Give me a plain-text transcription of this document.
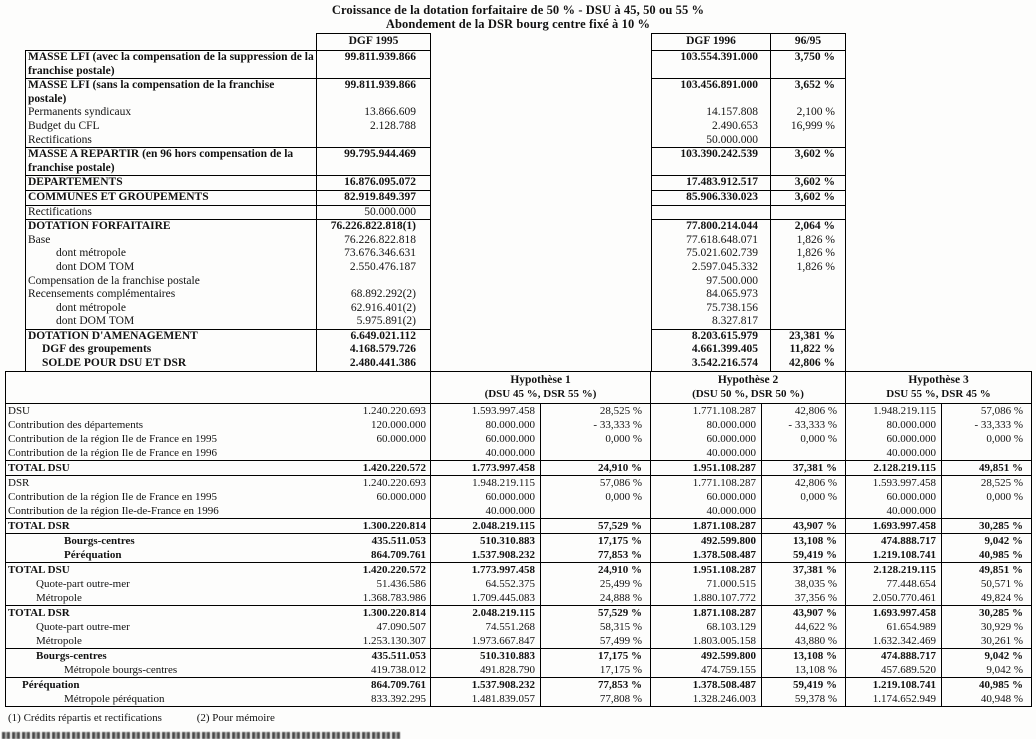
Croissance de la dotation forfaitaire de 50 % - DSU à 45, 50 ou 55 %
Abondement de la DSR bourg centre fixé à 10 %
	DGF 1995		DGF 1996	96/95
MASSE LFI (avec la compensation de la suppression de la franchise postale)	99.811.939.866		103.554.391.000	3,750 %
MASSE LFI (sans la compensation de la franchise postale)	99.811.939.866		103.456.891.000	3,652 %
Permanents syndicaux	13.866.609		14.157.808	2,100 %
Budget du CFL	2.128.788		2.490.653	16,999 %
Rectifications			50.000.000	
MASSE A REPARTIR (en 96 hors compensation de la franchise postale)	99.795.944.469		103.390.242.539	3,602 %
DEPARTEMENTS	16.876.095.072		17.483.912.517	3,602 %
COMMUNES ET GROUPEMENTS	82.919.849.397		85.906.330.023	3,602 %
Rectifications	50.000.000			
DOTATION FORFAITAIRE	76.226.822.818(1)		77.800.214.044	2,064 %
Base	76.226.822.818		77.618.648.071	1,826 %
dont métropole	73.676.346.631		75.021.602.739	1,826 %
dont DOM TOM	2.550.476.187		2.597.045.332	1,826 %
Compensation de la franchise postale			97.500.000	
Recensements complémentaires	68.892.292(2)		84.065.973	
dont métropole	62.916.401(2)		75.738.156	
dont DOM TOM	5.975.891(2)		8.327.817	
DOTATION D'AMENAGEMENT	6.649.021.112		8.203.615.979	23,381 %
DGF des groupements	4.168.579.726		4.661.399.405	11,822 %
SOLDE POUR DSU ET DSR	2.480.441.386		3.542.216.574	42,806 %

Hypothèse 1
(DSU 45 %, DSR 55 %)

Hypothèse 2
(DSU 50 %, DSR 50 %)

Hypothèse 3
DSU 55 %, DSR 45 %

DSU	1.240.220.693	1.593.997.458	28,525 %	1.771.108.287	42,806 %	1.948.219.115	57,086 %
Contribution des départements	120.000.000	80.000.000	- 33,333 %	80.000.000	- 33,333 %	80.000.000	- 33,333 %
Contribution de la région Ile de France en 1995	60.000.000	60.000.000	0,000 %	60.000.000	0,000 %	60.000.000	0,000 %
Contribution de la région Ile de France en 1996		40.000.000		40.000.000		40.000.000	
TOTAL DSU	1.420.220.572	1.773.997.458	24,910 %	1.951.108.287	37,381 %	2.128.219.115	49,851 %
DSR	1.240.220.693	1.948.219.115	57,086 %	1.771.108.287	42,806 %	1.593.997.458	28,525 %
Contribution de la région Ile de France en 1995	60.000.000	60.000.000	0,000 %	60.000.000	0,000 %	60.000.000	0,000 %
Contribution de la région Ile-de-France en 1996		40.000.000		40.000.000		40.000.000	
TOTAL DSR	1.300.220.814	2.048.219.115	57,529 %	1.871.108.287	43,907 %	1.693.997.458	30,285 %
Bourgs-centres	435.511.053	510.310.883	17,175 %	492.599.800	13,108 %	474.888.717	9,042 %
Péréquation	864.709.761	1.537.908.232	77,853 %	1.378.508.487	59,419 %	1.219.108.741	40,985 %
TOTAL DSU	1.420.220.572	1.773.997.458	24,910 %	1.951.108.287	37,381 %	2.128.219.115	49,851 %
Quote-part outre-mer	51.436.586	64.552.375	25,499 %	71.000.515	38,035 %	77.448.654	50,571 %
Métropole	1.368.783.986	1.709.445.083	24,888 %	1.880.107.772	37,356 %	2.050.770.461	49,824 %
TOTAL DSR	1.300.220.814	2.048.219.115	57,529 %	1.871.108.287	43,907 %	1.693.997.458	30,285 %
Quote-part outre-mer	47.090.507	74.551.268	58,315 %	68.103.129	44,622 %	61.654.989	30,929 %
Métropole	1.253.130.307	1.973.667.847	57,499 %	1.803.005.158	43,880 %	1.632.342.469	30,261 %
Bourgs-centres	435.511.053	510.310.883	17,175 %	492.599.800	13,108 %	474.888.717	9,042 %
Métropole bourgs-centres	419.738.012	491.828.790	17,175 %	474.759.155	13,108 %	457.689.520	9,042 %
Péréquation	864.709.761	1.537.908.232	77,853 %	1.378.508.487	59,419 %	1.219.108.741	40,985 %
Métropole péréquation	833.392.295	1.481.839.057	77,808 %	1.328.246.003	59,378 %	1.174.652.949	40,948 %
(1) Crédits répartis et rectifications	(2) Pour mémoire
